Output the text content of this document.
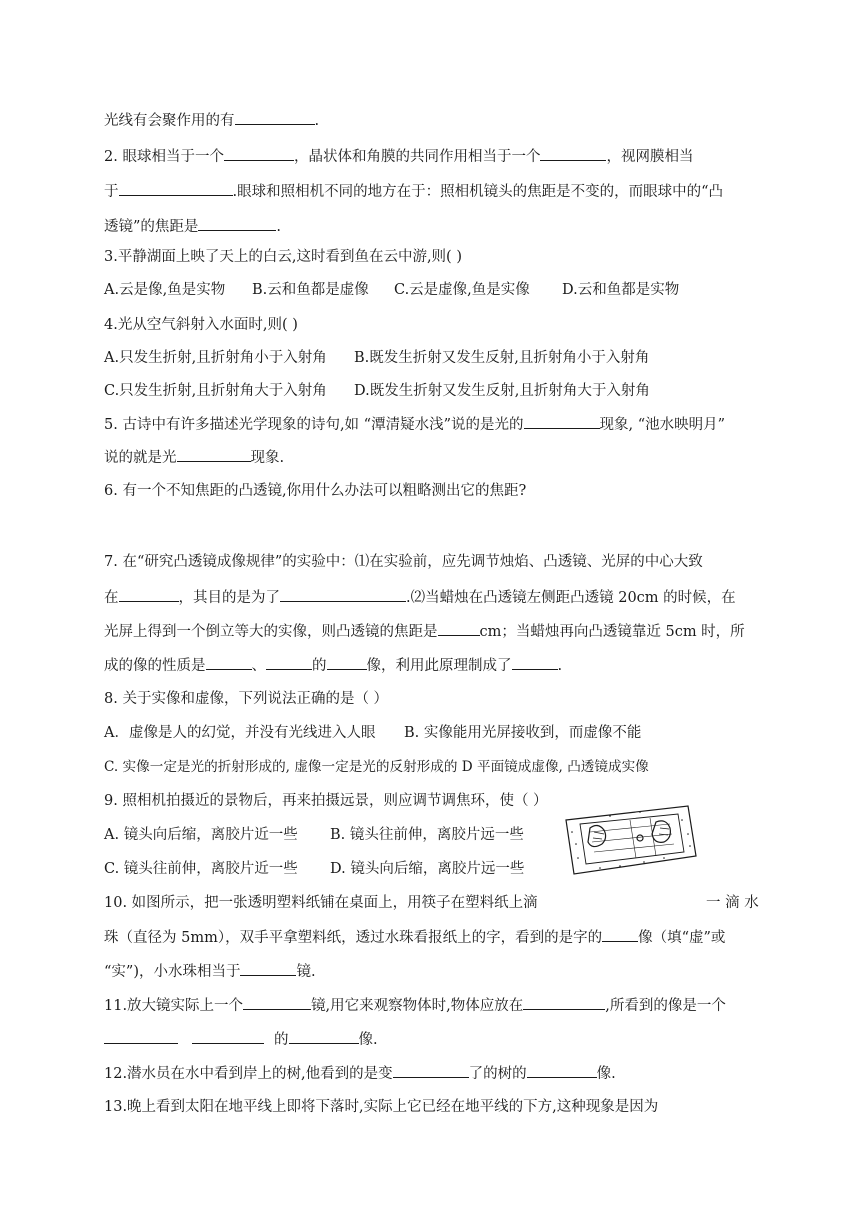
光线有会聚作用的有	.
2. 眼球相当于一个	，晶状体和角膜的共同作用相当于一个	，视网膜相当
于	.眼球和照相机不同的地方在于：照相机镜头的焦距是不变的，而眼球中的“凸
透镜”的焦距是	.
3.平静湖面上映了天上的白云,这时看到鱼在云中游,则( )
A.云是像,鱼是实物 B.云和鱼都是虚像 C.云是虚像,鱼是实像 D.云和鱼都是实物
4.光从空气斜射入水面时,则( )
A.只发生折射,且折射角小于入射角 B.既发生折射又发生反射,且折射角小于入射角
C.只发生折射,且折射角大于入射角 D.既发生折射又发生反射,且折射角大于入射角
5. 古诗中有许多描述光学现象的诗句,如 “潭清疑水浅”说的是光的	现象, “池水映明月”
说的就是光	现象.
6. 有一个不知焦距的凸透镜,你用什么办法可以粗略测出它的焦距?
7. 在“研究凸透镜成像规律”的实验中：⑴在实验前，应先调节烛焰、凸透镜、光屏的中心大致
在	，其目的是为了	.⑵当蜡烛在凸透镜左侧距凸透镜 20cm 的时候，在
光屏上得到一个倒立等大的实像，则凸透镜的焦距是	cm；当蜡烛再向凸透镜靠近 5cm 时，所
成的像的性质是	、	的	像，利用此原理制成了	.
8. 关于实像和虚像，下列说法正确的是（ ）
A．虚像是人的幻觉，并没有光线进入人眼 B. 实像能用光屏接收到，而虚像不能
C. 实像一定是光的折射形成的, 虚像一定是光的反射形成的 D 平面镜成虚像, 凸透镜成实像
9. 照相机拍摄近的景物后，再来拍摄远景，则应调节调焦环，使（ ）
A. 镜头向后缩，离胶片近一些 B. 镜头往前伸，离胶片远一些
C. 镜头往前伸，离胶片近一些 D. 镜头向后缩，离胶片远一些
10. 如图所示，把一张透明塑料纸铺在桌面上，用筷子在塑料纸上滴	一 滴 水
珠（直径为 5mm），双手平拿塑料纸，透过水珠看报纸上的字，看到的是字的 像（填“虚”或
“实”)，小水珠相当于	镜.
11.放大镜实际上一个	镜,用它来观察物体时,物体应放在	,所看到的像是一个
的	像.
12.潜水员在水中看到岸上的树,他看到的是变	了的树的	像.
13.晚上看到太阳在地平线上即将下落时,实际上它已经在地平线的下方,这种现象是因为
